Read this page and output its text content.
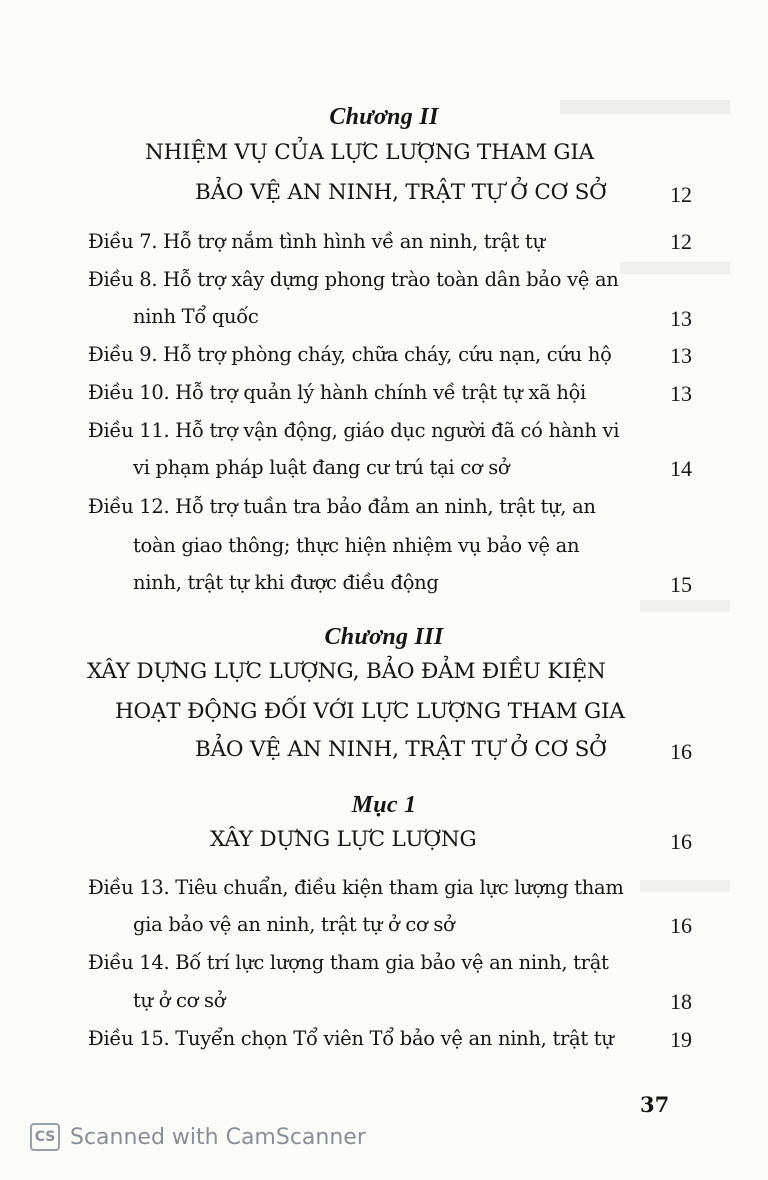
Chương II
NHIỆM VỤ CỦA LỰC LƯỢNG THAM GIA
BẢO VỆ AN NINH, TRẬT TỰ Ở CƠ SỞ	12
Điều 7. Hỗ trợ nắm tình hình về an ninh, trật tự	12
Điều 8. Hỗ trợ xây dựng phong trào toàn dân bảo vệ an
ninh Tổ quốc	13
Điều 9. Hỗ trợ phòng cháy, chữa cháy, cứu nạn, cứu hộ	13
Điều 10. Hỗ trợ quản lý hành chính về trật tự xã hội	13
Điều 11. Hỗ trợ vận động, giáo dục người đã có hành vi
vi phạm pháp luật đang cư trú tại cơ sở	14
Điều 12. Hỗ trợ tuần tra bảo đảm an ninh, trật tự, an
toàn giao thông; thực hiện nhiệm vụ bảo vệ an
ninh, trật tự khi được điều động	15
Chương III
XÂY DỰNG LỰC LƯỢNG, BẢO ĐẢM ĐIỀU KIỆN
HOẠT ĐỘNG ĐỐI VỚI LỰC LƯỢNG THAM GIA
BẢO VỆ AN NINH, TRẬT TỰ Ở CƠ SỞ	16
Mục 1
XÂY DỰNG LỰC LƯỢNG	16
Điều 13. Tiêu chuẩn, điều kiện tham gia lực lượng tham
gia bảo vệ an ninh, trật tự ở cơ sở	16
Điều 14. Bố trí lực lượng tham gia bảo vệ an ninh, trật
tự ở cơ sở	18
Điều 15. Tuyển chọn Tổ viên Tổ bảo vệ an ninh, trật tự	19
37
CS Scanned with CamScanner
